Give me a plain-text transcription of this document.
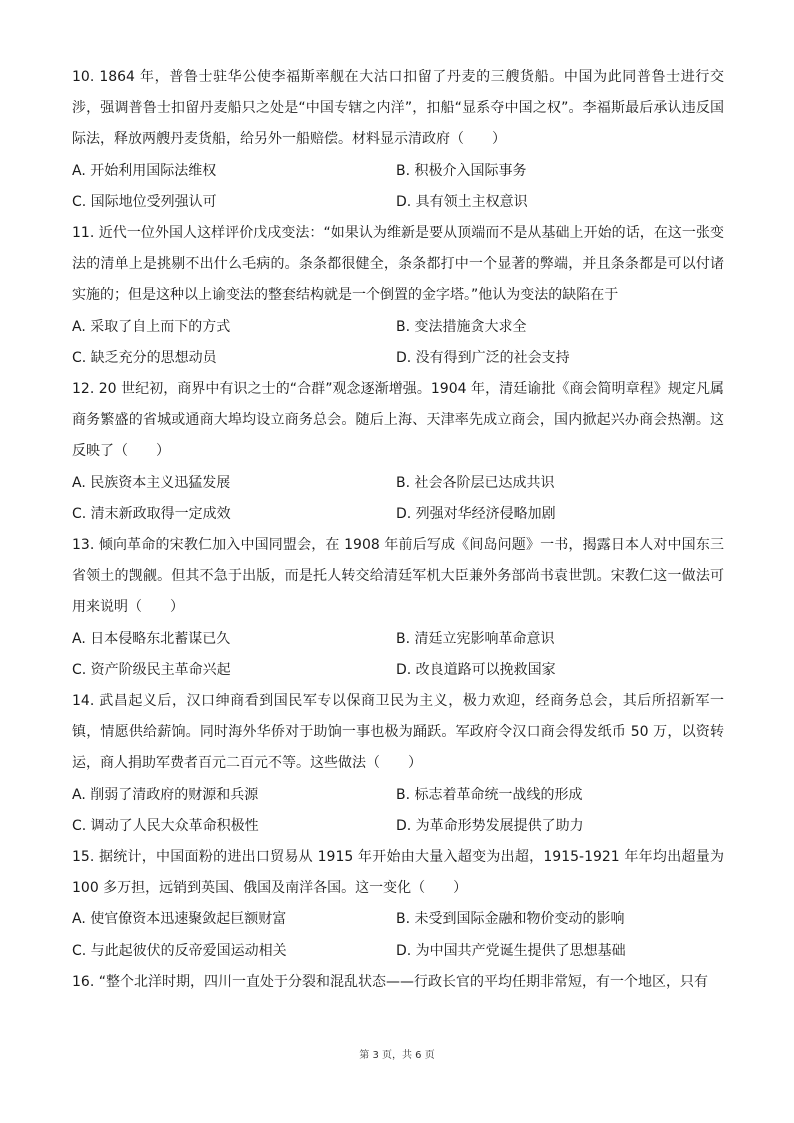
10. 1864 年，普鲁士驻华公使李福斯率舰在大沽口扣留了丹麦的三艘货船。中国为此同普鲁士进行交涉，强调普鲁士扣留丹麦船只之处是“中国专辖之内洋”，扣船“显系夺中国之权”。李福斯最后承认违反国际法，释放两艘丹麦货船，给另外一船赔偿。材料显示清政府（　　）

A. 开始利用国际法维权	B. 积极介入国际事务
C. 国际地位受列强认可	D. 具有领土主权意识

11. 近代一位外国人这样评价戊戌变法：“如果认为维新是要从顶端而不是从基础上开始的话，在这一张变法的清单上是挑剔不出什么毛病的。条条都很健全，条条都打中一个显著的弊端，并且条条都是可以付诸实施的；但是这种以上谕变法的整套结构就是一个倒置的金字塔。”他认为变法的缺陷在于

A. 采取了自上而下的方式	B. 变法措施贪大求全
C. 缺乏充分的思想动员	D. 没有得到广泛的社会支持

12. 20 世纪初，商界中有识之士的“合群”观念逐渐增强。1904 年，清廷谕批《商会简明章程》规定凡属商务繁盛的省城或通商大埠均设立商务总会。随后上海、天津率先成立商会，国内掀起兴办商会热潮。这反映了（　　）

A. 民族资本主义迅猛发展	B. 社会各阶层已达成共识
C. 清末新政取得一定成效	D. 列强对华经济侵略加剧

13. 倾向革命的宋教仁加入中国同盟会，在 1908 年前后写成《间岛问题》一书，揭露日本人对中国东三省领土的觊觎。但其不急于出版，而是托人转交给清廷军机大臣兼外务部尚书袁世凯。宋教仁这一做法可用来说明（　　）

A. 日本侵略东北蓄谋已久	B. 清廷立宪影响革命意识
C. 资产阶级民主革命兴起	D. 改良道路可以挽救国家

14. 武昌起义后，汉口绅商看到国民军专以保商卫民为主义，极力欢迎，经商务总会，其后所招新军一镇，情愿供给薪饷。同时海外华侨对于助饷一事也极为踊跃。军政府令汉口商会得发纸币 50 万，以资转运，商人捐助军费者百元二百元不等。这些做法（　　）

A. 削弱了清政府的财源和兵源	B. 标志着革命统一战线的形成
C. 调动了人民大众革命积极性	D. 为革命形势发展提供了助力

15. 据统计，中国面粉的进出口贸易从 1915 年开始由大量入超变为出超，1915-1921 年年均出超量为 100 多万担，远销到英国、俄国及南洋各国。这一变化（　　）

A. 使官僚资本迅速聚敛起巨额财富	B. 未受到国际金融和物价变动的影响
C. 与此起彼伏的反帝爱国运动相关	D. 为中国共产党诞生提供了思想基础

16. “整个北洋时期，四川一直处于分裂和混乱状态——行政长官的平均任期非常短，有一个地区，只有

第 3 页，共 6 页
